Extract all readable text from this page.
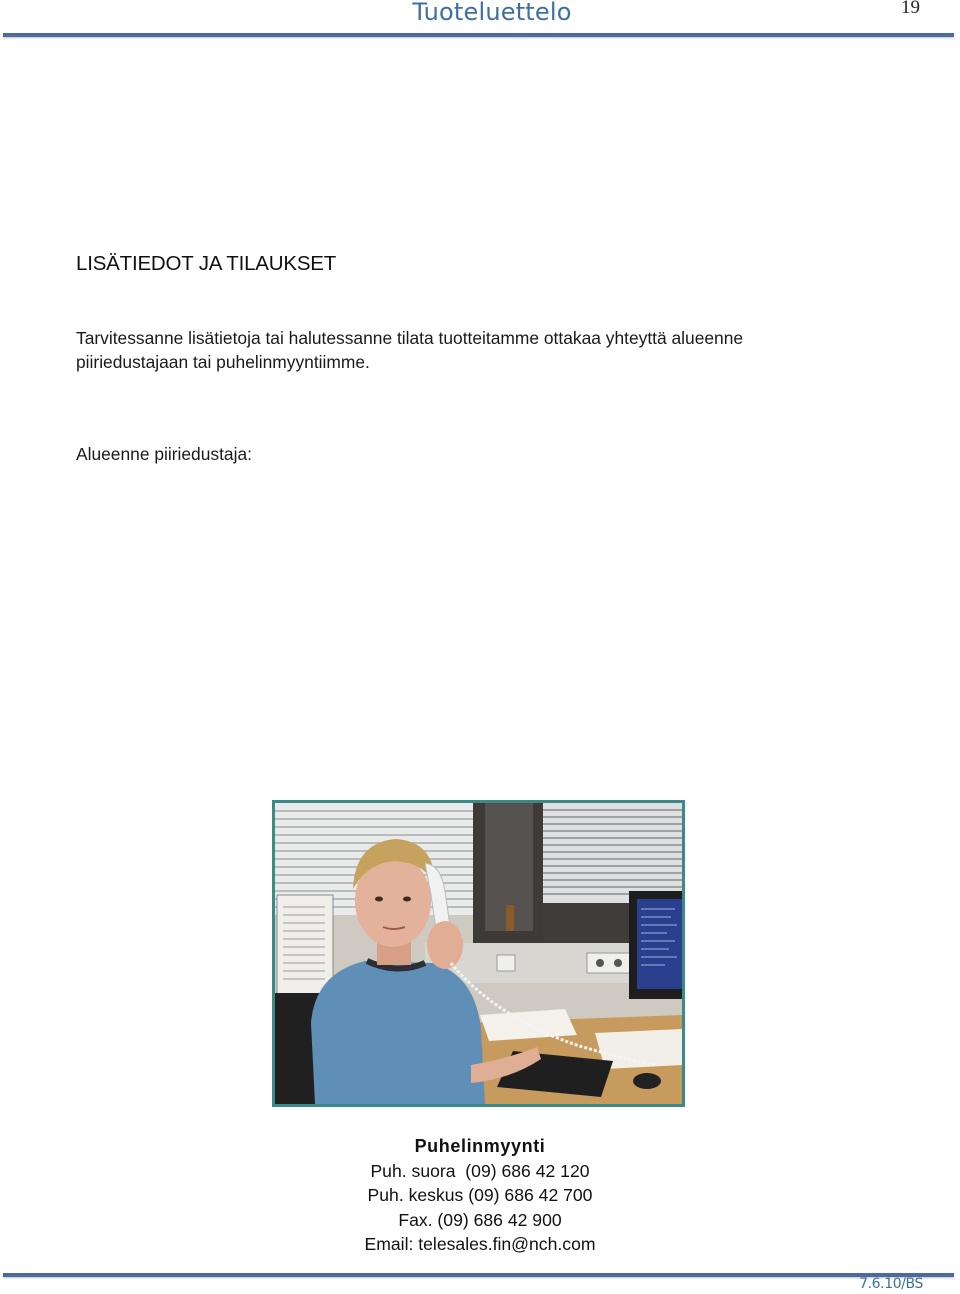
Tuoteluettelo	19
LISÄTIEDOT JA TILAUKSET

Tarvitessanne lisätietoja tai halutessanne tilata tuotteitamme ottakaa yhteyttä alueenne
piiriedustajaan tai puhelinmyyntiimme.

Alueenne piiriedustaja:
Puhelinmyynti
Puh. suora  (09) 686 42 120
Puh. keskus (09) 686 42 700
Fax. (09) 686 42 900
Email: telesales.fin@nch.com
7.6.10/BS
